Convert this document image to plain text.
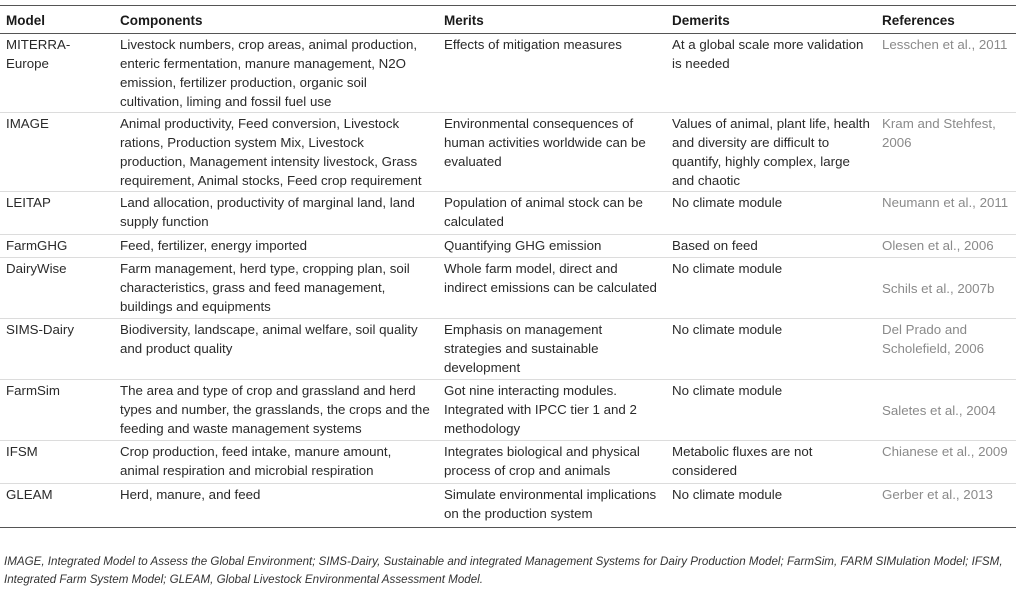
Model	Components	Merits	Demerits	References
MITERRA- Europe	Livestock numbers, crop areas, animal production, enteric fermentation, manure management, N2O emission, fertilizer production, organic soil cultivation, liming and fossil fuel use	Effects of mitigation measures	At a global scale more validation is needed	Lesschen et al., 2011
IMAGE	Animal productivity, Feed conversion, Livestock rations, Production system Mix, Livestock production, Management intensity livestock, Grass requirement, Animal stocks, Feed crop requirement	Environmental consequences of human activities worldwide can be evaluated	Values of animal, plant life, health and diversity are difficult to quantify, highly complex, large and chaotic	Kram and Stehfest, 2006
LEITAP	Land allocation, productivity of marginal land, land supply function	Population of animal stock can be calculated	No climate module	Neumann et al., 2011
FarmGHG	Feed, fertilizer, energy imported	Quantifying GHG emission	Based on feed	Olesen et al., 2006
DairyWise	Farm management, herd type, cropping plan, soil characteristics, grass and feed management, buildings and equipments	Whole farm model, direct and indirect emissions can be calculated	No climate module	Schils et al., 2007b
SIMS-Dairy	Biodiversity, landscape, animal welfare, soil quality and product quality	Emphasis on management strategies and sustainable development	No climate module	Del Prado and Scholefield, 2006
FarmSim	The area and type of crop and grassland and herd types and number, the grasslands, the crops and the feeding and waste management systems	Got nine interacting modules. Integrated with IPCC tier 1 and 2 methodology	No climate module	Saletes et al., 2004
IFSM	Crop production, feed intake, manure amount, animal respiration and microbial respiration	Integrates biological and physical process of crop and animals	Metabolic fluxes are not considered	Chianese et al., 2009
GLEAM	Herd, manure, and feed	Simulate environmental implications on the production system	No climate module	Gerber et al., 2013
IMAGE, Integrated Model to Assess the Global Environment; SIMS-Dairy, Sustainable and integrated Management Systems for Dairy Production Model; FarmSim, FARM SIMulation Model; IFSM, Integrated Farm System Model; GLEAM, Global Livestock Environmental Assessment Model.
